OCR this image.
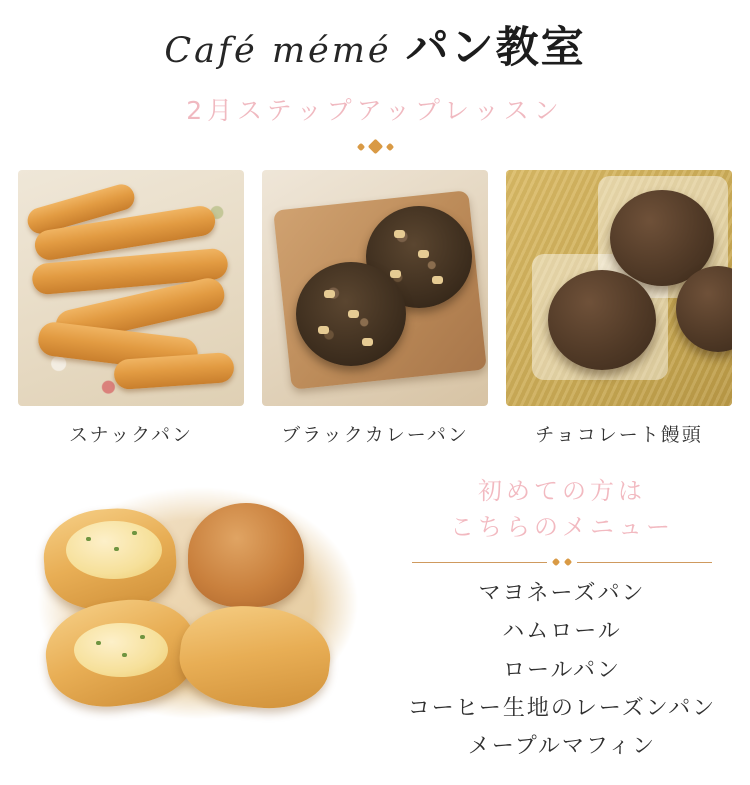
Café mémé パン教室
2月ステップアップレッスン
スナックパン	ブラックカレーパン	チョコレート饅頭
初めての方は
こちらのメニュー
マヨネーズパン
ハムロール
ロールパン
コーヒー生地のレーズンパン
メープルマフィン
